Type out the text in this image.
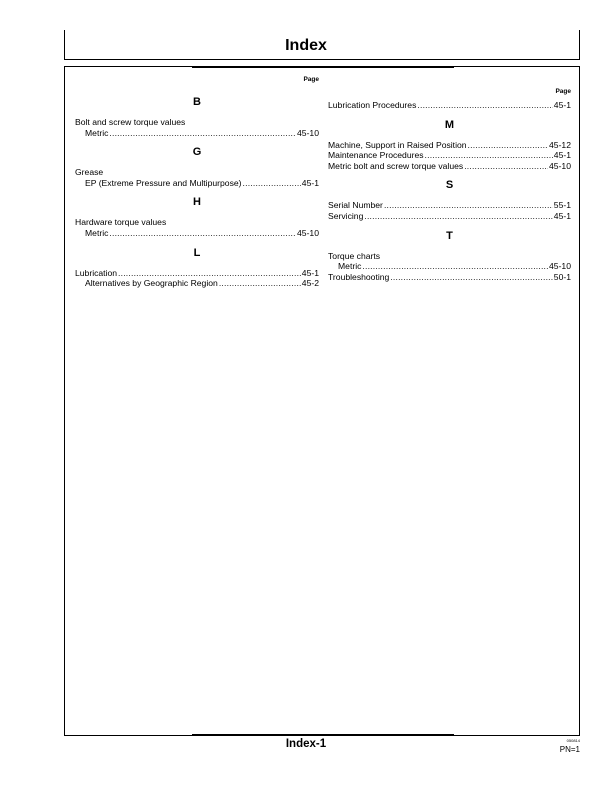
Index
Page
B
Bolt and screw torque values
Metric .....	45-10
G
Grease
EP (Extreme Pressure and Multipurpose) .....	45-1
H
Hardware torque values
Metric .....	45-10
L
Lubrication .....	45-1
Alternatives by Geographic Region .....	45-2
Page
Lubrication Procedures .....	45-1
M
Machine, Support in Raised Position .....	45-12
Maintenance Procedures .....	45-1
Metric bolt and screw torque values .....	45-10
S
Serial Number .....	55-1
Servicing .....	45-1
T
Torque charts
Metric .....	45-10
Troubleshooting .....	50-1
Index-1	050814
PN=1
